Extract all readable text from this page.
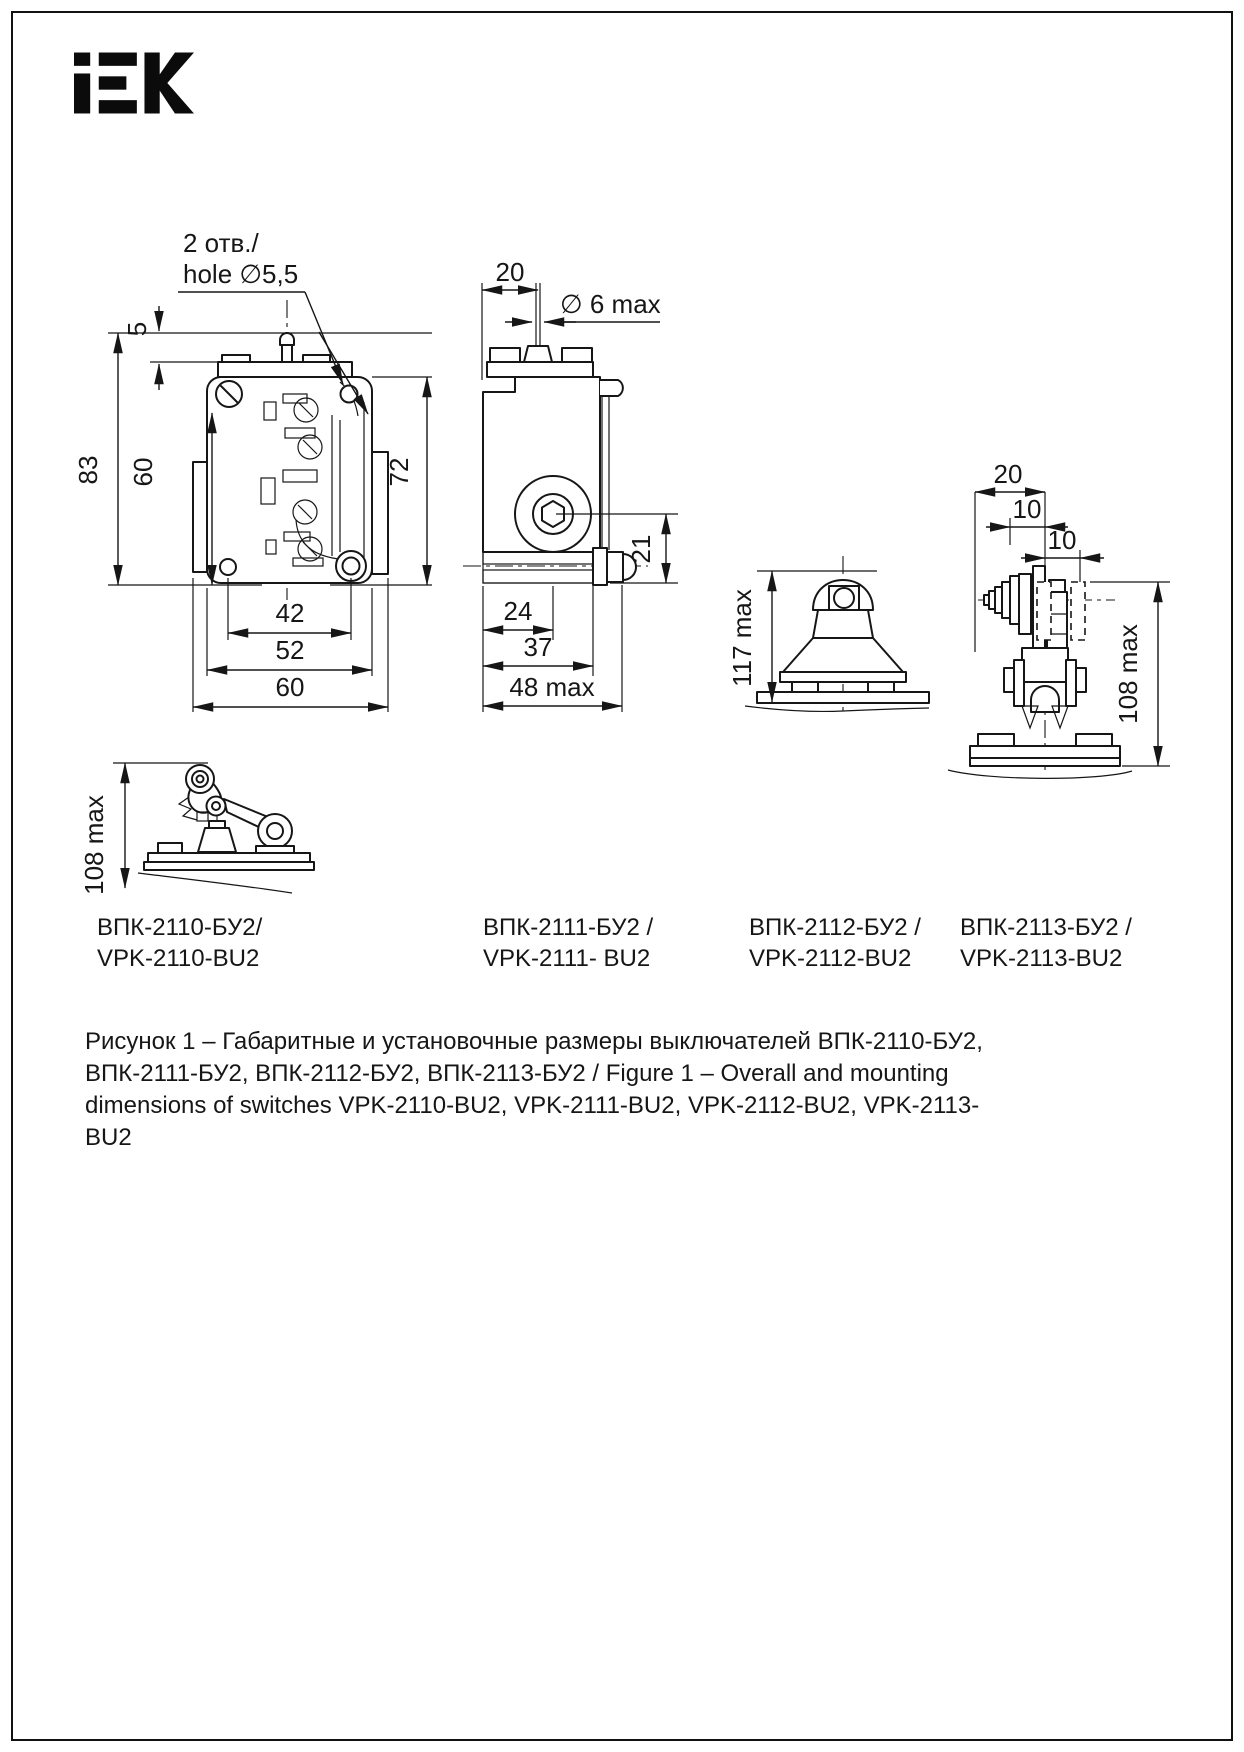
2 отв./
hole ∅5,5
83
5
60	72
42
52
60
∅ 6 max
20
21
24
37
48 max
117 max
20
10
10
108 max
108 max
ВПК-2110-БУ2/
VPK-2110-BU2
ВПК-2111-БУ2 /
VPK-2111- BU2
ВПК-2112-БУ2 /
VPK-2112-BU2
ВПК-2113-БУ2 /
VPK-2113-BU2

Рисунок 1 – Габаритные и установочные размеры выключателей ВПК-2110-БУ2, ВПК-2111-БУ2, ВПК-2112-БУ2, ВПК-2113-БУ2 / Figure 1 – Overall and mounting dimensions of switches VPK-2110-BU2, VPK-2111-BU2, VPK-2112-BU2, VPK-2113-BU2
